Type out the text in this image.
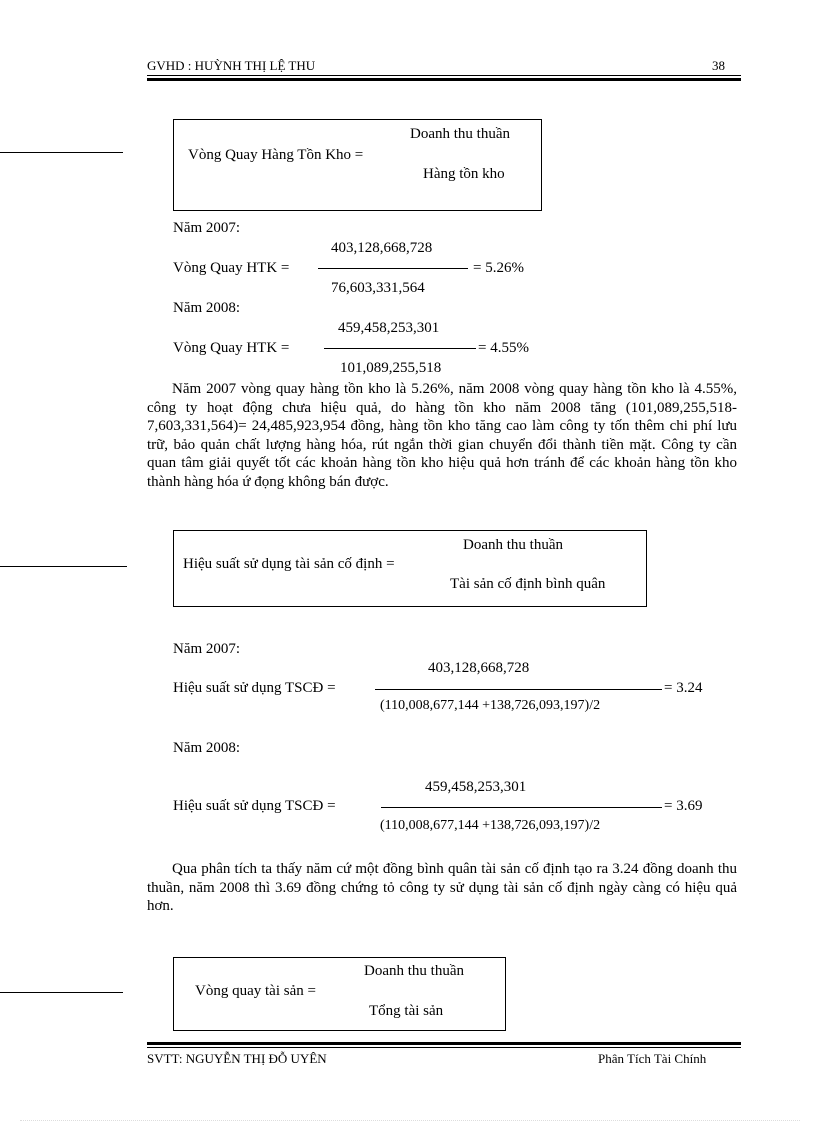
GVHD : HUỲNH THỊ LỆ THU	38
Vòng Quay Hàng Tồn Kho =
Doanh thu thuần
Hàng tồn kho
Năm 2007:
403,128,668,728
Vòng Quay HTK =	= 5.26%
76,603,331,564
Năm 2008:
459,458,253,301
Vòng Quay HTK =	= 4.55%
101,089,255,518
Năm 2007 vòng quay hàng tồn kho là 5.26%, năm 2008 vòng quay hàng tồn kho là 4.55%, công ty hoạt động chưa hiệu quả, do hàng tồn kho năm 2008 tăng (101,089,255,518- 7,603,331,564)= 24,485,923,954 đồng, hàng tồn kho tăng cao làm công ty tốn thêm chi phí lưu trữ, bảo quản chất lượng hàng hóa, rút ngắn thời gian chuyển đổi thành tiền mặt. Công ty cần quan tâm giải quyết tốt các khoản hàng tồn kho hiệu quả hơn tránh để các khoản hàng tồn kho thành hàng hóa ứ đọng không bán được.
Hiệu suất sử dụng tài sản cố định =
Doanh thu thuần
Tài sản cố định bình quân
Năm 2007:
403,128,668,728
Hiệu suất sử dụng TSCĐ =	= 3.24
(110,008,677,144 +138,726,093,197)/2
Năm 2008:
459,458,253,301
Hiệu suất sử dụng TSCĐ =	= 3.69
(110,008,677,144 +138,726,093,197)/2
Qua phân tích ta thấy năm cứ một đồng bình quân tài sản cố định tạo ra 3.24 đồng doanh thu thuần, năm 2008 thì 3.69 đồng chứng tỏ công ty sử dụng tài sản cố định ngày càng có hiệu quả hơn.
Vòng quay tài sản =
Doanh thu thuần
Tổng tài sản
SVTT: NGUYỄN THỊ ĐỖ UYÊN	Phân Tích Tài Chính
